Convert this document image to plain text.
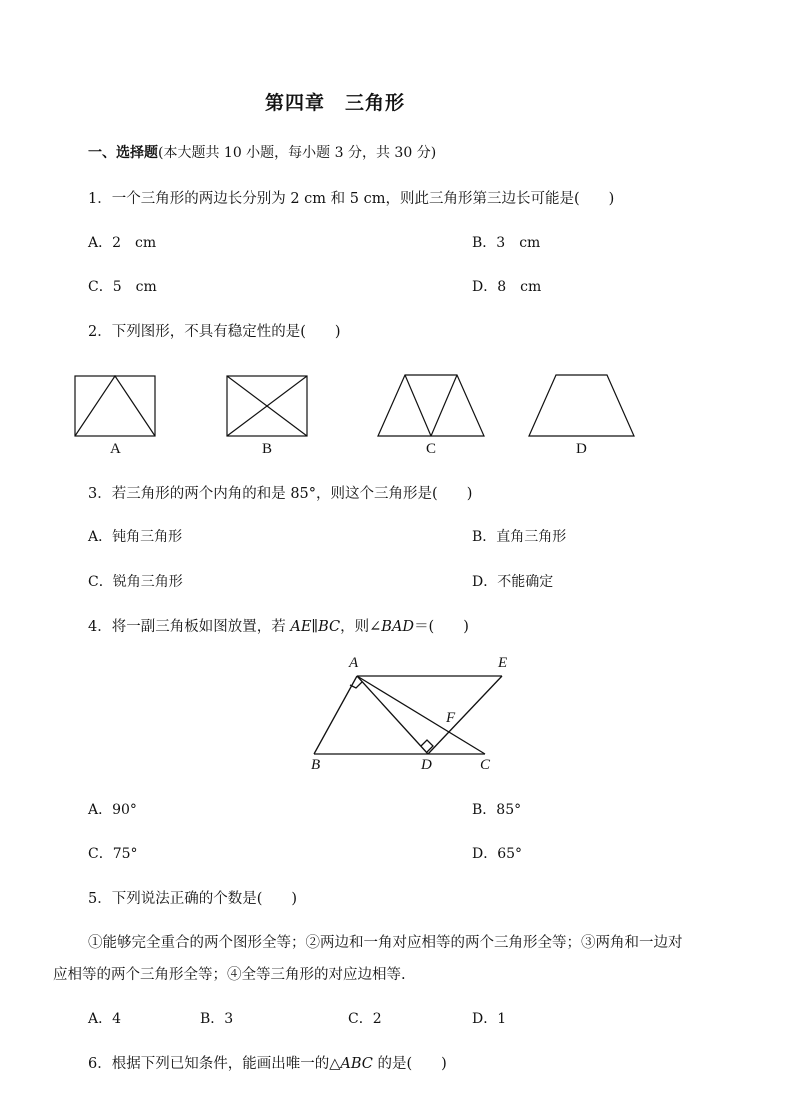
第四章　三角形
一、选择题(本大题共 10 小题，每小题 3 分，共 30 分)
1．一个三角形的两边长分别为 2 cm 和 5 cm，则此三角形第三边长可能是(　　)
A．2　cm	B．3　cm
C．5　cm	D．8　cm
2．下列图形，不具有稳定性的是(　　)
A	B	C	D
3．若三角形的两个内角的和是 85°，则这个三角形是(　　)
A．钝角三角形	B．直角三角形
C．锐角三角形	D．不能确定
4．将一副三角板如图放置，若 AE∥BC，则∠BAD＝(　　)
A	E
F
B	D	C
A．90°	B．85°
C．75°	D．65°
5．下列说法正确的个数是(　　)
①能够完全重合的两个图形全等；②两边和一角对应相等的两个三角形全等；③两角和一边对
应相等的两个三角形全等；④全等三角形的对应边相等.
A．4	B．3	C．2	D．1
6．根据下列已知条件，能画出唯一的△ABC 的是(　　)
